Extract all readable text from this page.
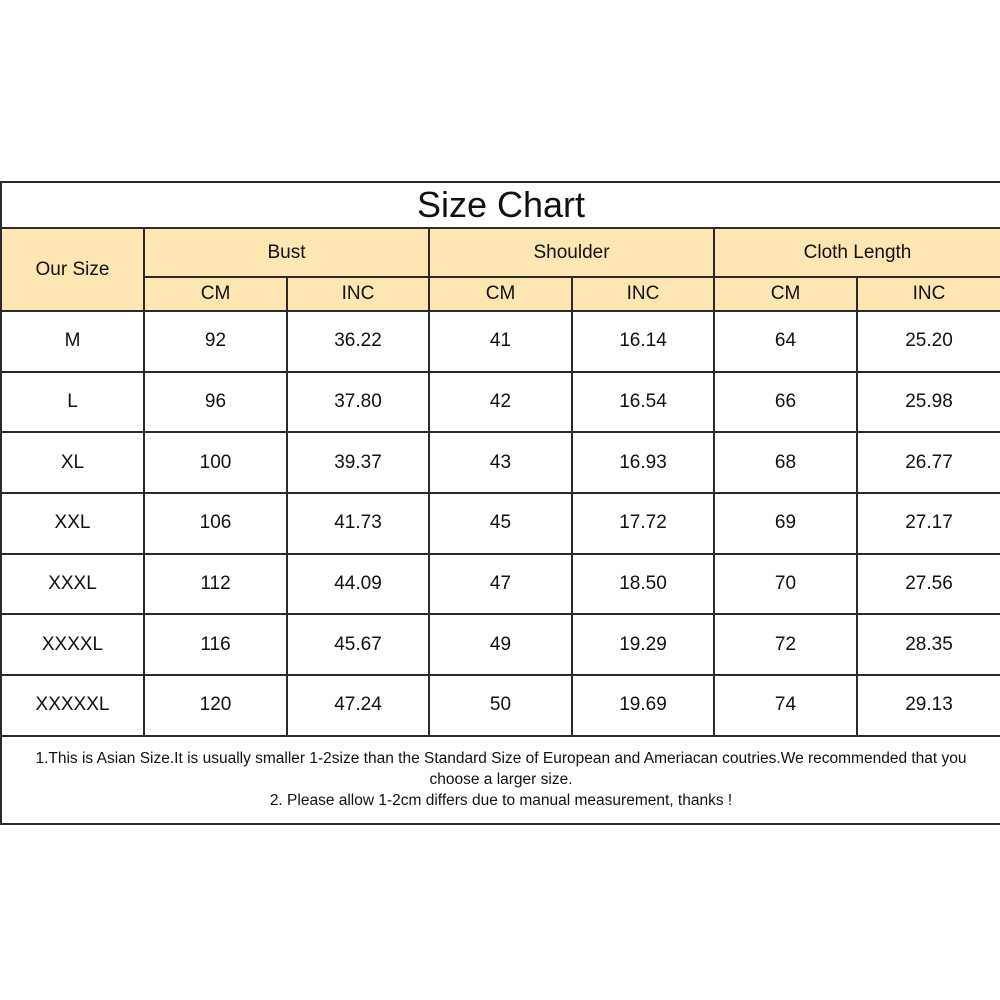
Size Chart						
Our Size	Bust		Shoulder		Cloth Length	
	CM	INC	CM	INC	CM	INC
M	92	36.22	41	16.14	64	25.20
L	96	37.80	42	16.54	66	25.98
XL	100	39.37	43	16.93	68	26.77
XXL	106	41.73	45	17.72	69	27.17
XXXL	112	44.09	47	18.50	70	27.56
XXXXL	116	45.67	49	19.29	72	28.35
XXXXXL	120	47.24	50	19.69	74	29.13

1.This is Asian Size.It is usually smaller 1-2size than the Standard Size of European and Ameriacan coutries.We recommended that you choose a larger size.
2. Please allow 1-2cm differs due to manual measurement, thanks !						
